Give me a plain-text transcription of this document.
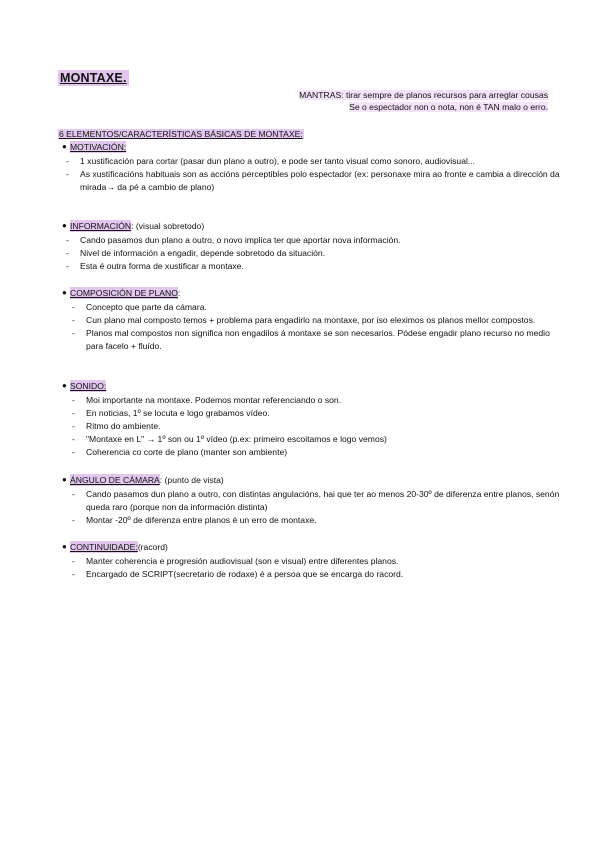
MONTAXE.
MANTRAS: tirar sempre de planos recursos para arreglar cousas
Se o espectador non o nota, non é TAN malo o erro.
6 ELEMENTOS/CARACTERÍSTICAS BÁSICAS DE MONTAXE:
● MOTIVACIÓN:
-	1 xustificación para cortar (pasar dun plano a outro), e pode ser tanto visual como sonoro, audiovisual...
-	As xustificacións habituais son as accións perceptibles polo espectador (ex: personaxe mira ao fronte e cambia a dirección da mirada→ da pé a cambio de plano)
● INFORMACIÓN : (visual sobretodo)
-	Cando pasamos dun plano a outro, o novo implica ter que aportar nova información.
-	Nivel de información a engadir, depende sobretodo da situación.
-	Esta é outra forma de xustificar a montaxe.
● COMPOSICIÓN DE PLANO :
-	Concepto que parte da cámara.
-	Cun plano mal composto temos + problema para engadirlo na montaxe, por iso eleximos os planos mellor compostos.
-	Planos mal compostos non significa non engadilos á montaxe se son necesarios. Pódese engadir plano recurso no medio para facelo + fluído.
● SONIDO:
-	Moi importante na montaxe. Podemos montar referenciando o son.
-	En noticias, 1º se locuta e logo grabamos vídeo.
-	Ritmo do ambiente.
-	"Montaxe en L" → 1º son ou 1º vídeo (p.ex: primeiro escoitamos e logo vemos)
-	Coherencia co corte de plano (manter son ambiente)
● ÁNGULO DE CÁMARA : (punto de vista)
-	Cando pasamos dun plano a outro, con distintas angulacións, hai que ter ao menos 20-30º de diferenza entre planos, senón queda raro (porque non da información distinta)
-	Montar -20º de diferenza entre planos é un erro de montaxe.
● CONTINUIDADE: (racord)
-	Manter coherencia e progresión audiovisual (son e visual) entre diferentes planos.
-	Encargado de SCRIPT(secretario de rodaxe) é a persoa que se encarga do racord.
